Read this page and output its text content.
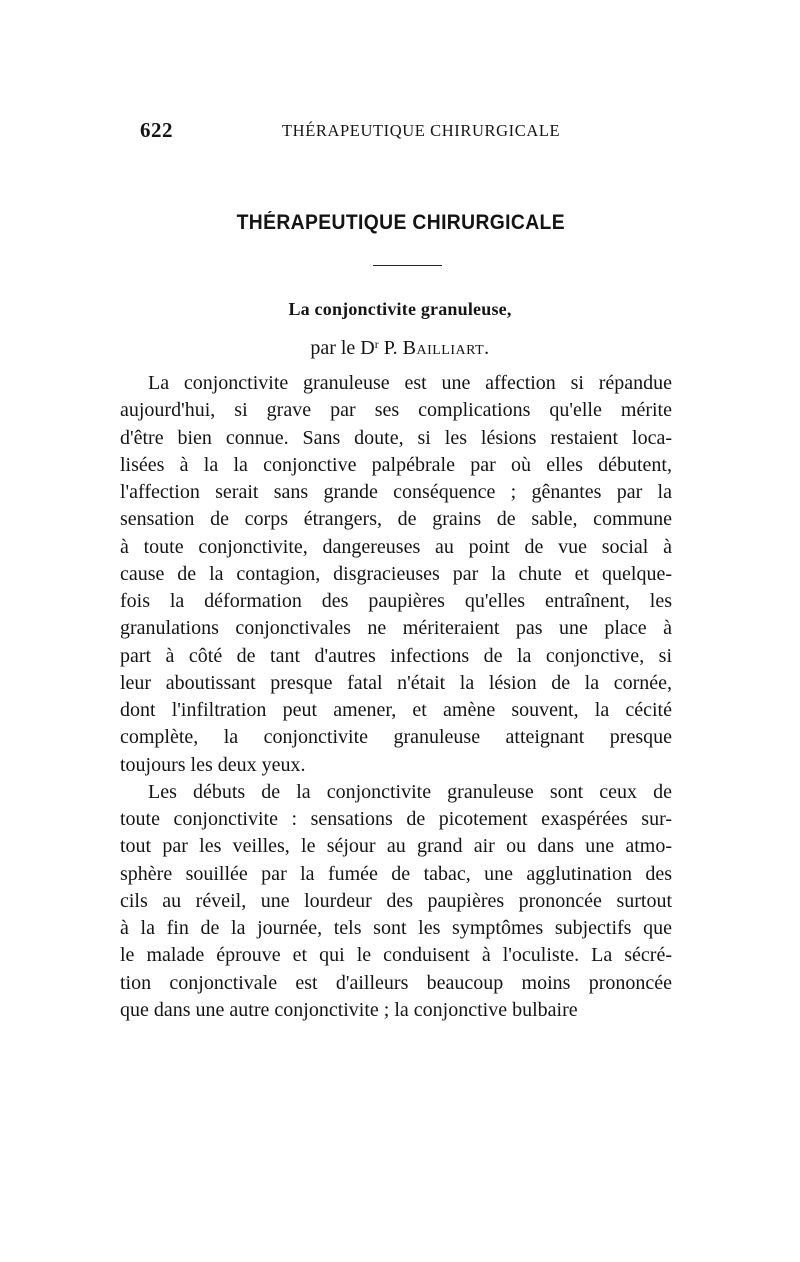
622	THÉRAPEUTIQUE CHIRURGICALE
THÉRAPEUTIQUE CHIRURGICALE
La conjonctivite granuleuse,
par le $D^r$ P. Bailliart.
La conjonctivite granuleuse est une affection si répandue
aujourd'hui, si grave par ses complications qu'elle mérite
d'être bien connue. Sans doute, si les lésions restaient loca-
lisées à la la conjonctive palpébrale par où elles débutent,
l'affection serait sans grande conséquence ; gênantes par la
sensation de corps étrangers, de grains de sable, commune
à toute conjonctivite, dangereuses au point de vue social à
cause de la contagion, disgracieuses par la chute et quelque-
fois la déformation des paupières qu'elles entraînent, les
granulations conjonctivales ne mériteraient pas une place à
part à côté de tant d'autres infections de la conjonctive, si
leur aboutissant presque fatal n'était la lésion de la cornée,
dont l'infiltration peut amener, et amène souvent, la cécité
complète, la conjonctivite granuleuse atteignant presque
toujours les deux yeux.
Les débuts de la conjonctivite granuleuse sont ceux de
toute conjonctivite : sensations de picotement exaspérées sur-
tout par les veilles, le séjour au grand air ou dans une atmo-
sphère souillée par la fumée de tabac, une agglutination des
cils au réveil, une lourdeur des paupières prononcée surtout
à la fin de la journée, tels sont les symptômes subjectifs que
le malade éprouve et qui le conduisent à l'oculiste. La sécré-
tion conjonctivale est d'ailleurs beaucoup moins prononcée
que dans une autre conjonctivite ; la conjonctive bulbaire
